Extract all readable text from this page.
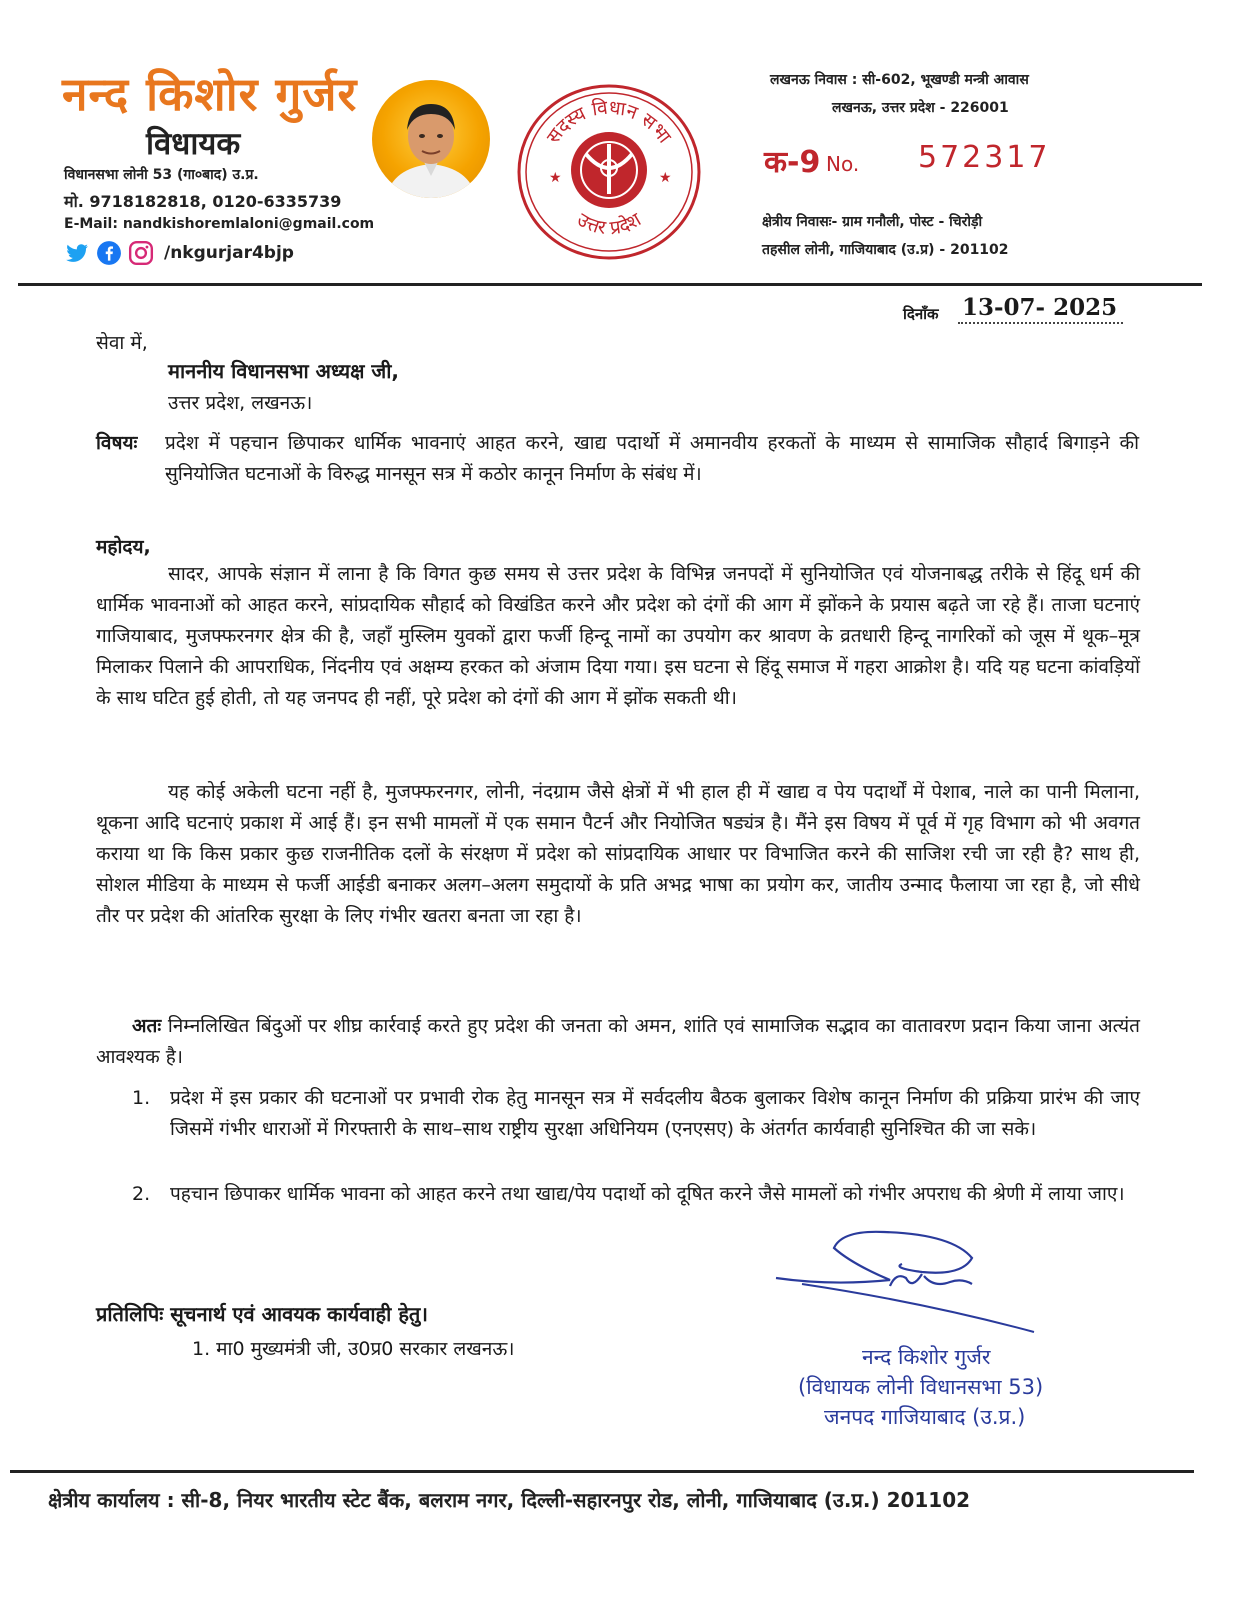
नन्द किशोर गुर्जर
विधायक
विधानसभा लोनी 53 (गा०बाद) उ.प्र.
मो. 9718182818, 0120-6335739
E-Mail: nandkishoremlaloni@gmail.com
/nkgurjar4bjp
सदस्य विधान सभा
उत्तर प्रदेश
★	★
लखनऊ निवास : सी-602, भूखण्डी मन्त्री आवास
लखनऊ, उत्तर प्रदेश - 226001
क-9 No. 572317
क्षेत्रीय निवासः- ग्राम गनौली, पोस्ट - चिरोड़ी
तहसील लोनी, गाजियाबाद (उ.प्र) - 201102
दिनाँक 13-07- 2025
सेवा में,
माननीय विधानसभा अध्यक्ष जी,
उत्तर प्रदेश, लखनऊ।
विषयः प्रदेश में पहचान छिपाकर धार्मिक भावनाएं आहत करने, खाद्य पदार्थो में अमानवीय हरकतों के माध्यम से सामाजिक सौहार्द बिगाड़ने की सुनियोजित घटनाओं के विरुद्ध मानसून सत्र में कठोर कानून निर्माण के संबंध में।
महोदय,
सादर, आपके संज्ञान में लाना है कि विगत कुछ समय से उत्तर प्रदेश के विभिन्न जनपदों में सुनियोजित एवं योजनाबद्ध तरीके से हिंदू धर्म की धार्मिक भावनाओं को आहत करने, सांप्रदायिक सौहार्द को विखंडित करने और प्रदेश को दंगों की आग में झोंकने के प्रयास बढ़ते जा रहे हैं। ताजा घटनाएं गाजियाबाद, मुजफ्फरनगर क्षेत्र की है, जहाँ मुस्लिम युवकों द्वारा फर्जी हिन्दू नामों का उपयोग कर श्रावण के व्रतधारी हिन्दू नागरिकों को जूस में थूक–मूत्र मिलाकर पिलाने की आपराधिक, निंदनीय एवं अक्षम्य हरकत को अंजाम दिया गया। इस घटना से हिंदू समाज में गहरा आक्रोश है। यदि यह घटना कांवड़ियों के साथ घटित हुई होती, तो यह जनपद ही नहीं, पूरे प्रदेश को दंगों की आग में झोंक सकती थी।
यह कोई अकेली घटना नहीं है, मुजफ्फरनगर, लोनी, नंदग्राम जैसे क्षेत्रों में भी हाल ही में खाद्य व पेय पदार्थों में पेशाब, नाले का पानी मिलाना, थूकना आदि घटनाएं प्रकाश में आई हैं। इन सभी मामलों में एक समान पैटर्न और नियोजित षड्यंत्र है। मैंने इस विषय में पूर्व में गृह विभाग को भी अवगत कराया था कि किस प्रकार कुछ राजनीतिक दलों के संरक्षण में प्रदेश को सांप्रदायिक आधार पर विभाजित करने की साजिश रची जा रही है? साथ ही, सोशल मीडिया के माध्यम से फर्जी आईडी बनाकर अलग–अलग समुदायों के प्रति अभद्र भाषा का प्रयोग कर, जातीय उन्माद फैलाया जा रहा है, जो सीधे तौर पर प्रदेश की आंतरिक सुरक्षा के लिए गंभीर खतरा बनता जा रहा है।
अतः निम्नलिखित बिंदुओं पर शीघ्र कार्रवाई करते हुए प्रदेश की जनता को अमन, शांति एवं सामाजिक सद्भाव का वातावरण प्रदान किया जाना अत्यंत आवश्यक है।
1.	प्रदेश में इस प्रकार की घटनाओं पर प्रभावी रोक हेतु मानसून सत्र में सर्वदलीय बैठक बुलाकर विशेष कानून निर्माण की प्रक्रिया प्रारंभ की जाए जिसमें गंभीर धाराओं में गिरफ्तारी के साथ–साथ राष्ट्रीय सुरक्षा अधिनियम (एनएसए) के अंतर्गत कार्यवाही सुनिश्चित की जा सके।
2.	पहचान छिपाकर धार्मिक भावना को आहत करने तथा खाद्य/पेय पदार्थो को दूषित करने जैसे मामलों को गंभीर अपराध की श्रेणी में लाया जाए।
प्रतिलिपिः सूचनार्थ एवं आवयक कार्यवाही हेतु।
1. मा0 मुख्यमंत्री जी, उ0प्र0 सरकार लखनऊ।	नन्द किशोर गुर्जर
(विधायक लोनी विधानसभा 53)
जनपद गाजियाबाद (उ.प्र.)
क्षेत्रीय कार्यालय : सी-8, नियर भारतीय स्टेट बैंक, बलराम नगर, दिल्ली-सहारनपुर रोड, लोनी, गाजियाबाद (उ.प्र.) 201102
